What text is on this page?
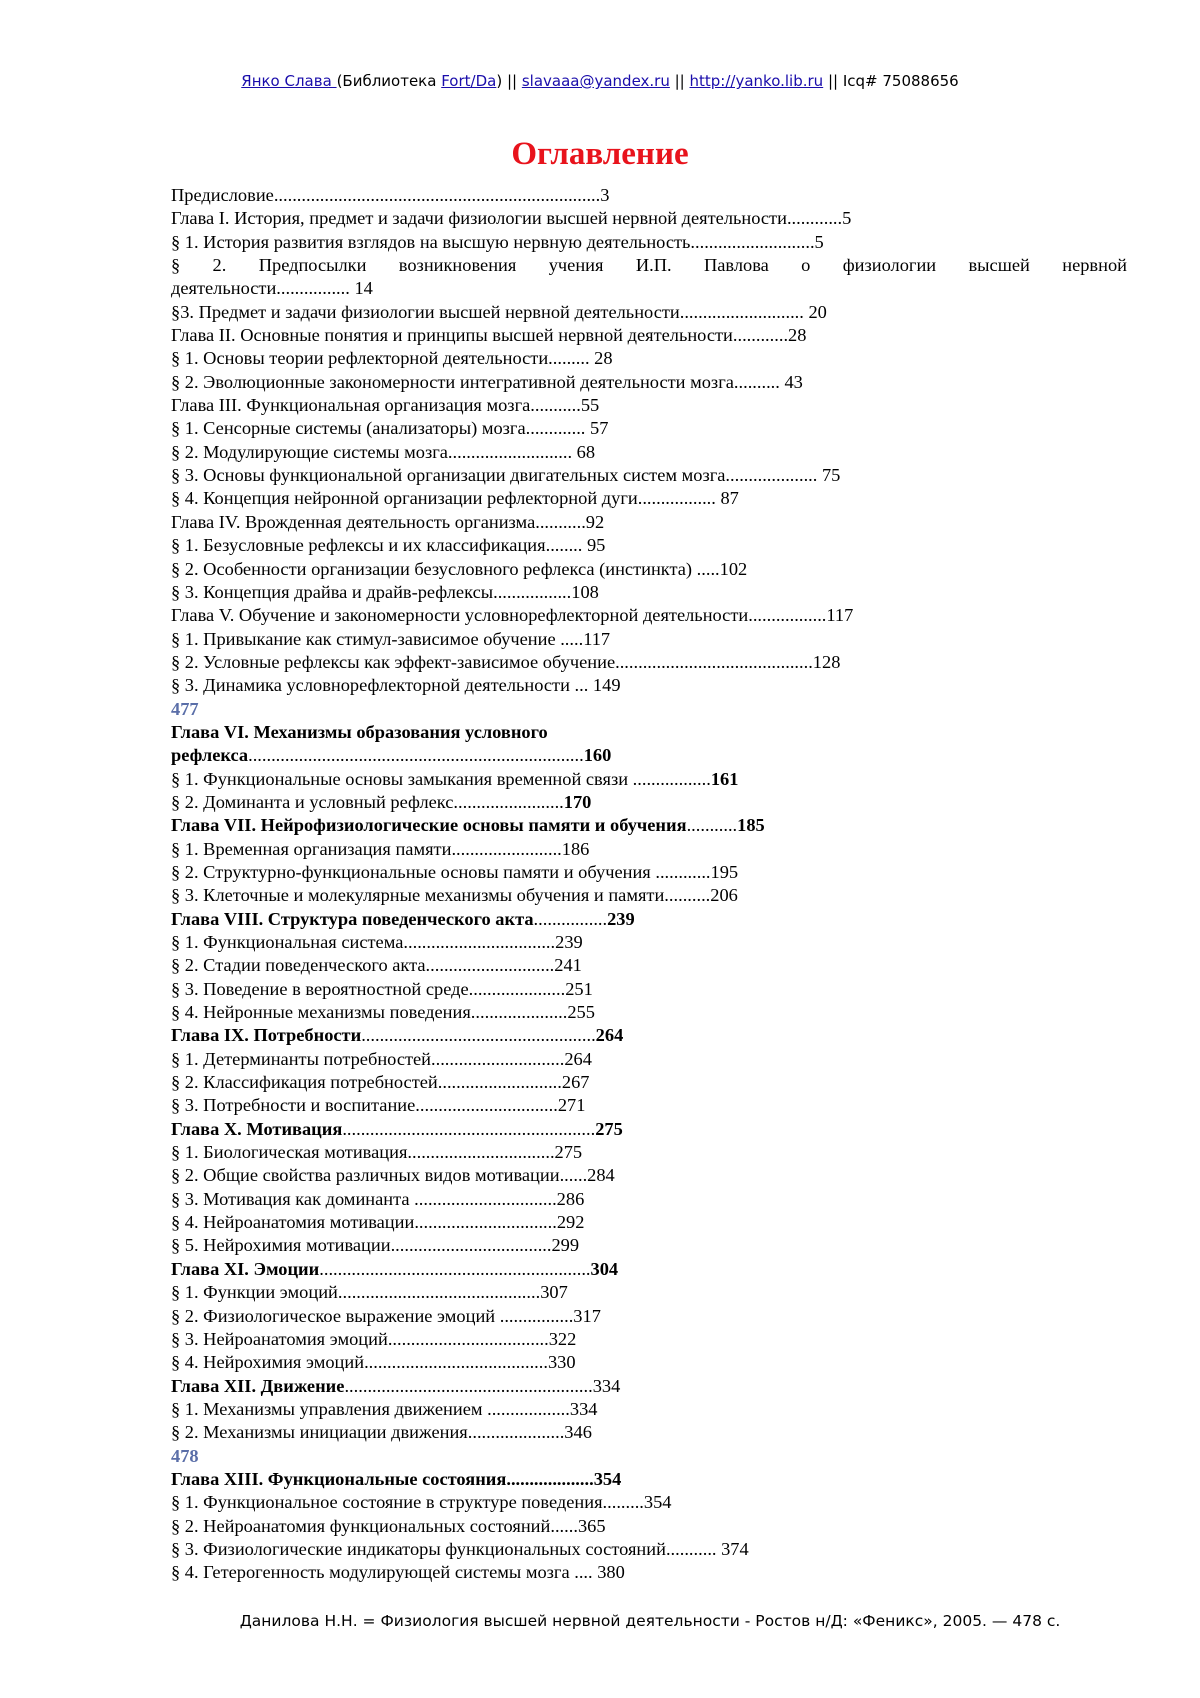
Янко Слава (Библиотека Fort/Da) || slavaaa@yandex.ru || http://yanko.lib.ru || Icq# 75088656
Оглавление
Предисловие.......................................................................3
Глава I. История, предмет и задачи физиологии высшей нервной деятельности............5
§ 1. История развития взглядов на высшую нервную деятельность...........................5
§ 2. Предпосылки возникновения учения И.П. Павлова о физиологии высшей нервной
деятельности................ 14
§3. Предмет и задачи физиологии высшей нервной деятельности........................... 20
Глава II. Основные понятия и принципы высшей нервной деятельности............28
§ 1. Основы теории рефлекторной деятельности......... 28
§ 2. Эволюционные закономерности интегративной деятельности мозга.......... 43
Глава III. Функциональная организация мозга...........55
§ 1. Сенсорные системы (анализаторы) мозга............. 57
§ 2. Модулирующие системы мозга........................... 68
§ 3. Основы функциональной организации двигательных систем мозга.................... 75
§ 4. Концепция нейронной организации рефлекторной дуги................. 87
Глава IV. Врожденная деятельность организма...........92
§ 1. Безусловные рефлексы и их классификация........ 95
§ 2. Особенности организации безусловного рефлекса (инстинкта) .....102
§ 3. Концепция драйва и драйв-рефлексы.................108
Глава V. Обучение и закономерности условнорефлекторной деятельности.................117
§ 1. Привыкание как стимул-зависимое обучение .....117
§ 2. Условные рефлексы как эффект-зависимое обучение...........................................128
§ 3. Динамика условнорефлекторной деятельности ... 149
477
Глава VI. Механизмы образования условного
рефлекса.........................................................................160
§ 1. Функциональные основы замыкания временной связи .................161
§ 2. Доминанта и условный рефлекс........................170
Глава VII. Нейрофизиологические основы памяти и обучения...........185
§ 1. Временная организация памяти........................186
§ 2. Структурно-функциональные основы памяти и обучения ............195
§ 3. Клеточные и молекулярные механизмы обучения и памяти..........206
Глава VIII. Структура поведенческого акта................239
§ 1. Функциональная система.................................239
§ 2. Стадии поведенческого акта............................241
§ 3. Поведение в вероятностной среде.....................251
§ 4. Нейронные механизмы поведения.....................255
Глава IX. Потребности...................................................264
§ 1. Детерминанты потребностей.............................264
§ 2. Классификация потребностей...........................267
§ 3. Потребности и воспитание...............................271
Глава X. Мотивация.......................................................275
§ 1. Биологическая мотивация................................275
§ 2. Общие свойства различных видов мотивации......284
§ 3. Мотивация как доминанта ...............................286
§ 4. Нейроанатомия мотивации...............................292
§ 5. Нейрохимия мотивации...................................299
Глава XI. Эмоции...........................................................304
§ 1. Функции эмоций............................................307
§ 2. Физиологическое выражение эмоций ................317
§ 3. Нейроанатомия эмоций...................................322
§ 4. Нейрохимия эмоций........................................330
Глава XII. Движение......................................................334
§ 1. Механизмы управления движением ..................334
§ 2. Механизмы инициации движения.....................346
478
Глава XIII. Функциональные состояния...................354
§ 1. Функциональное состояние в структуре поведения.........354
§ 2. Нейроанатомия функциональных состояний......365
§ 3. Физиологические индикаторы функциональных состояний........... 374
§ 4. Гетерогенность модулирующей системы мозга .... 380
Данилова Н.Н. = Физиология высшей нервной деятельности - Ростов н/Д: «Феникс», 2005. — 478 с.
